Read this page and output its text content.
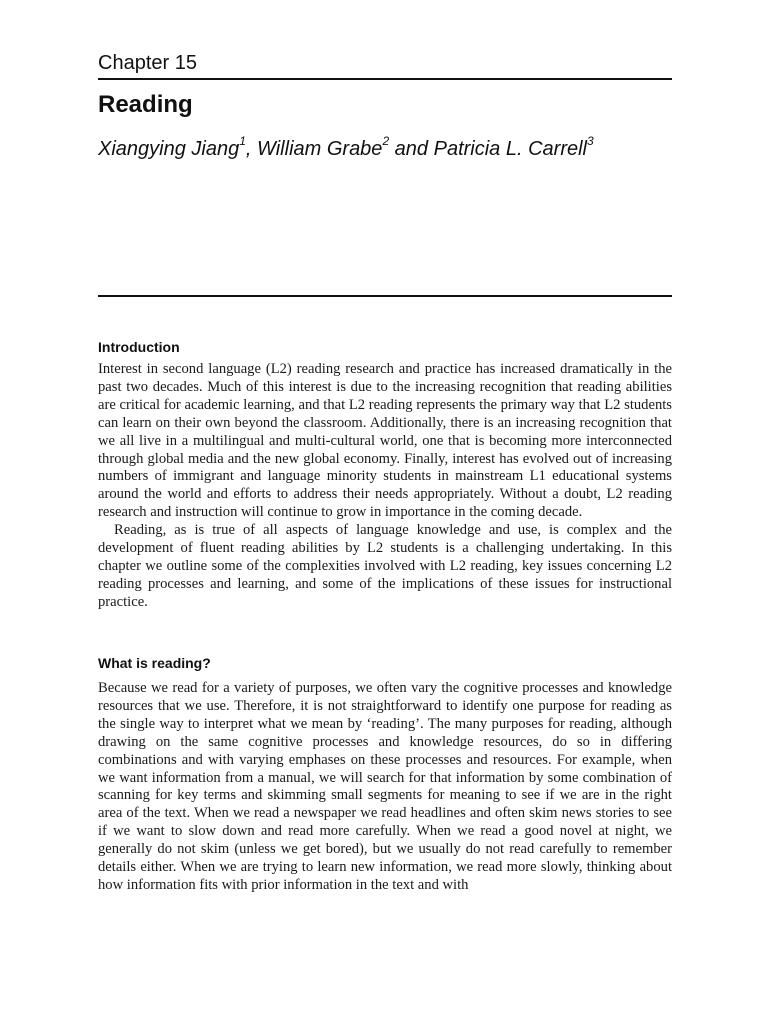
Chapter 15
Reading
Xiangying Jiang$^1$, William Grabe$^2$ and Patricia L. Carrell$^3$
Introduction

Interest in second language (L2) reading research and practice has increased dramatically in the past two decades. Much of this interest is due to the increasing recognition that reading abilities are critical for academic learning, and that L2 reading represents the primary way that L2 students can learn on their own beyond the classroom. Additionally, there is an increasing recognition that we all live in a multilingual and multi-cultural world, one that is becoming more interconnected through global media and the new global economy. Finally, interest has evolved out of increasing numbers of immigrant and language minority students in mainstream L1 educational systems around the world and efforts to address their needs appropriately. Without a doubt, L2 reading research and instruction will continue to grow in importance in the coming decade.

Reading, as is true of all aspects of language knowledge and use, is complex and the development of fluent reading abilities by L2 students is a challenging undertaking. In this chapter we outline some of the complexities involved with L2 reading, key issues concerning L2 reading processes and learning, and some of the implications of these issues for instructional practice.

What is reading?

Because we read for a variety of purposes, we often vary the cognitive processes and knowledge resources that we use. Therefore, it is not straightforward to identify one purpose for reading as the single way to interpret what we mean by ‘reading’. The many purposes for reading, although drawing on the same cognitive processes and knowledge resources, do so in differing combinations and with varying emphases on these processes and resources. For example, when we want information from a manual, we will search for that information by some combination of scanning for key terms and skimming small segments for meaning to see if we are in the right area of the text. When we read a newspaper we read headlines and often skim news stories to see if we want to slow down and read more carefully. When we read a good novel at night, we generally do not skim (unless we get bored), but we usually do not read carefully to remember details either. When we are trying to learn new information, we read more slowly, thinking about how information fits with prior information in the text and with
